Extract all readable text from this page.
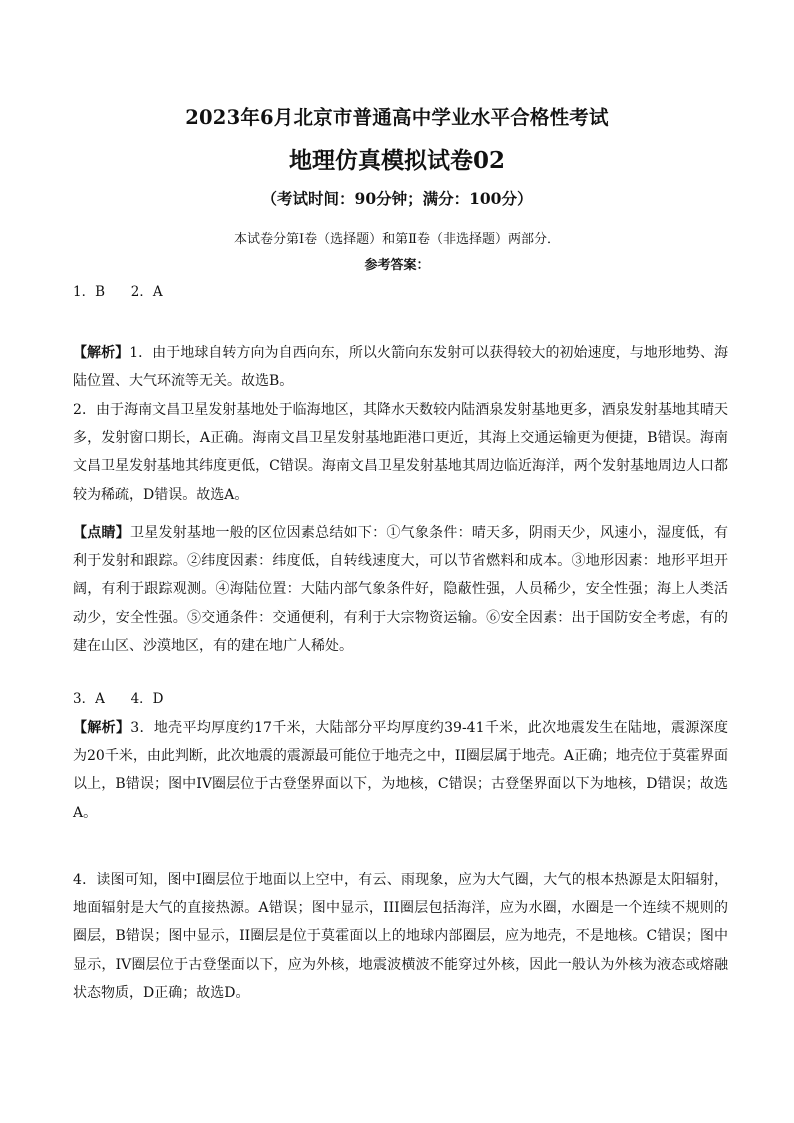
2023年6月北京市普通高中学业水平合格性考试
地理仿真模拟试卷02
（考试时间：90分钟；满分：100分）
本试卷分第Ⅰ卷（选择题）和第Ⅱ卷（非选择题）两部分．
参考答案：
1．B      2．A
【解析】1．由于地球自转方向为自西向东，所以火箭向东发射可以获得较大的初始速度，与地形地势、海陆位置、大气环流等无关。故选B。
2．由于海南文昌卫星发射基地处于临海地区，其降水天数较内陆酒泉发射基地更多，酒泉发射基地其晴天多，发射窗口期长，A正确。海南文昌卫星发射基地距港口更近，其海上交通运输更为便捷，B错误。海南文昌卫星发射基地其纬度更低，C错误。海南文昌卫星发射基地其周边临近海洋，两个发射基地周边人口都较为稀疏，D错误。故选A。
【点睛】卫星发射基地一般的区位因素总结如下：①气象条件：晴天多，阴雨天少，风速小，湿度低，有利于发射和跟踪。②纬度因素：纬度低，自转线速度大，可以节省燃料和成本。③地形因素：地形平坦开阔，有利于跟踪观测。④海陆位置：大陆内部气象条件好，隐蔽性强，人员稀少，安全性强；海上人类活动少，安全性强。⑤交通条件：交通便利，有利于大宗物资运输。⑥安全因素：出于国防安全考虑，有的建在山区、沙漠地区，有的建在地广人稀处。
3．A      4．D
【解析】3．地壳平均厚度约17千米，大陆部分平均厚度约39-41千米，此次地震发生在陆地，震源深度为20千米，由此判断，此次地震的震源最可能位于地壳之中，II圈层属于地壳。A正确；地壳位于莫霍界面以上，B错误；图中IV圈层位于古登堡界面以下，为地核，C错误；古登堡界面以下为地核，D错误；故选A。
4．读图可知，图中I圈层位于地面以上空中，有云、雨现象，应为大气圈，大气的根本热源是太阳辐射，地面辐射是大气的直接热源。A错误；图中显示，III圈层包括海洋，应为水圈，水圈是一个连续不规则的圈层，B错误；图中显示，II圈层是位于莫霍面以上的地球内部圈层，应为地壳，不是地核。C错误；图中显示，IV圈层位于古登堡面以下，应为外核，地震波横波不能穿过外核，因此一般认为外核为液态或熔融状态物质，D正确；故选D。
